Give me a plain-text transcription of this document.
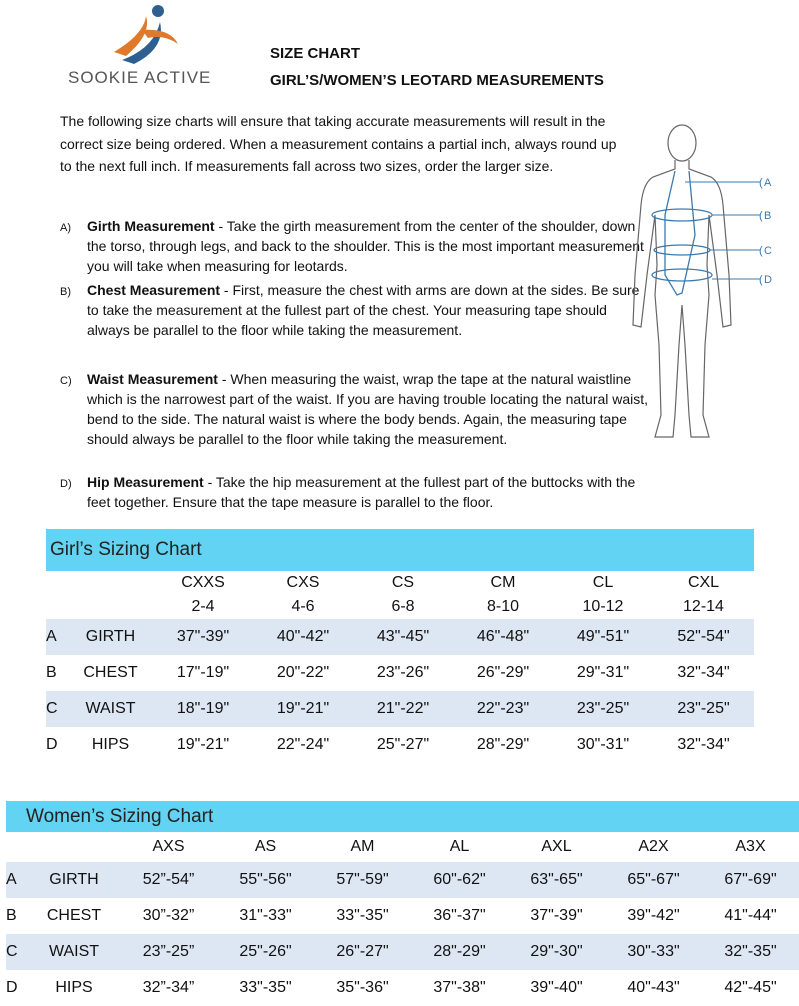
SOOKIE ACTIVE
SIZE CHART
GIRL’S/WOMEN’S LEOTARD MEASUREMENTS
The following size charts will ensure that taking accurate measurements will result in the correct size being ordered. When a measurement contains a partial inch, always round up to the next full inch. If measurements fall across two sizes, order the larger size.
A) Girth Measurement - Take the girth measurement from the center of the shoulder, down the torso, through legs, and back to the shoulder. This is the most important measurement you will take when measuring for leotards.
B) Chest Measurement - First, measure the chest with arms are down at the sides. Be sure to take the measurement at the fullest part of the chest. Your measuring tape should always be parallel to the floor while taking the measurement.
C) Waist Measurement - When measuring the waist, wrap the tape at the natural waistline which is the narrowest part of the waist. If you are having trouble locating the natural waist, bend to the side. The natural waist is where the body bends. Again, the measuring tape should always be parallel to the floor while taking the measurement.
D) Hip Measurement - Take the hip measurement at the fullest part of the buttocks with the feet together. Ensure that the tape measure is parallel to the floor.
( A
( B
( C
( D
Girl’s Sizing Chart
		CXXS	CXS	CS	CM	CL	CXL
		2-4	4-6	6-8	8-10	10-12	12-14
A	GIRTH	37"-39"	40"-42"	43"-45"	46"-48"	49"-51"	52"-54"
B	CHEST	17"-19"	20"-22"	23"-26"	26"-29"	29"-31"	32"-34"
C	WAIST	18"-19"	19"-21"	21"-22"	22"-23"	23"-25"	23"-25"
D	HIPS	19"-21"	22"-24"	25"-27"	28"-29"	30"-31"	32"-34"
Women’s Sizing Chart
		AXS	AS	AM	AL	AXL	A2X	A3X
A	GIRTH	52”-54”	55"-56"	57"-59"	60"-62"	63"-65"	65"-67"	67"-69"
B	CHEST	30”-32”	31"-33"	33"-35"	36"-37"	37"-39"	39"-42"	41"-44"
C	WAIST	23”-25”	25"-26"	26"-27"	28"-29"	29"-30"	30"-33"	32"-35"
D	HIPS	32”-34”	33"-35"	35"-36"	37"-38"	39"-40"	40"-43"	42"-45"
